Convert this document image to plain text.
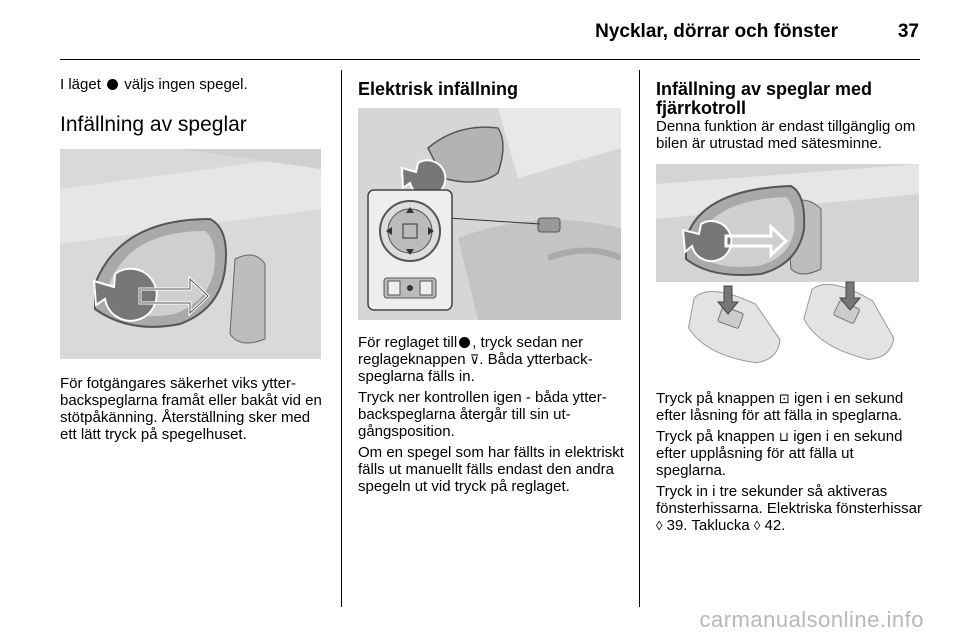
Nycklar, dörrar och fönster	37

I läget väljs ingen spegel.

Infällning av speglar

För fotgängares säkerhet viks ytterbackspeglarna framåt eller bakåt vid en stötpåkänning. Återställning sker med ett lätt tryck på spegelhuset.

Elektrisk infällning

För reglaget till , tryck sedan ner reglageknappen ⊽. Båda ytterbackspeglarna fälls in.

Tryck ner kontrollen igen - båda ytterbackspeglarna återgår till sin utgångsposition.

Om en spegel som har fällts in elektriskt fälls ut manuellt fälls endast den andra spegeln ut vid tryck på reglaget.

Infällning av speglar med fjärrkotroll

Denna funktion är endast tillgänglig om bilen är utrustad med sätesminne.

Tryck på knappen ⊡ igen i en sekund efter låsning för att fälla in speglarna.

Tryck på knappen ⊔ igen i en sekund efter upplåsning för att fälla ut speglarna.

Tryck in i tre sekunder så aktiveras fönsterhissarna. Elektriska fönsterhissar ◊ 39. Taklucka ◊ 42.

carmanualsonline.info
